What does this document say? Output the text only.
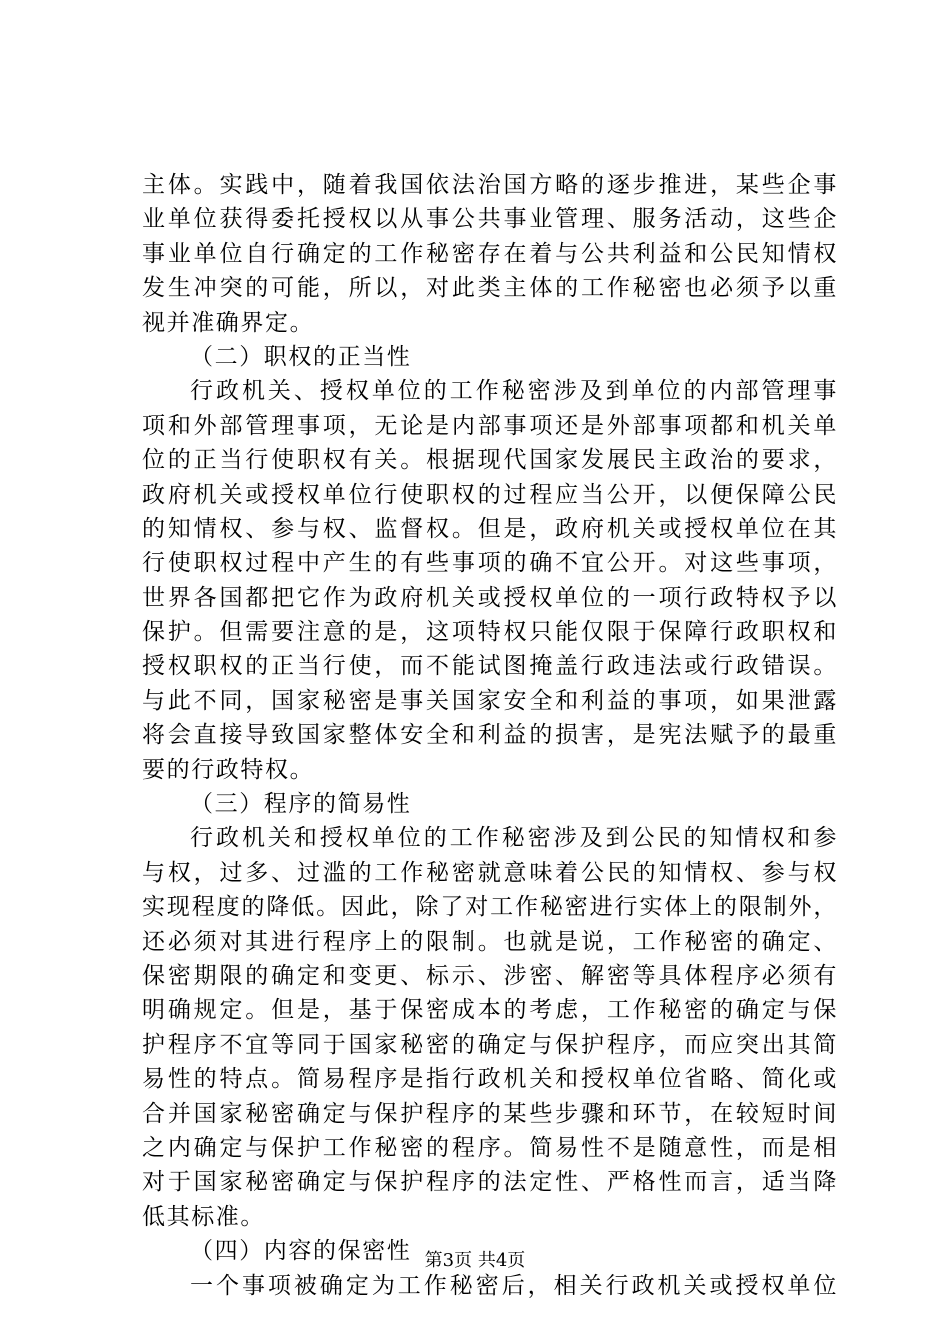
主体。实践中，随着我国依法治国方略的逐步推进，某些企事
业单位获得委托授权以从事公共事业管理、服务活动，这些企
事业单位自行确定的工作秘密存在着与公共利益和公民知情权
发生冲突的可能，所以，对此类主体的工作秘密也必须予以重
视并准确界定。
（二）职权的正当性
行政机关、授权单位的工作秘密涉及到单位的内部管理事
项和外部管理事项，无论是内部事项还是外部事项都和机关单
位的正当行使职权有关。根据现代国家发展民主政治的要求，
政府机关或授权单位行使职权的过程应当公开，以便保障公民
的知情权、参与权、监督权。但是，政府机关或授权单位在其
行使职权过程中产生的有些事项的确不宜公开。对这些事项，
世界各国都把它作为政府机关或授权单位的一项行政特权予以
保护。但需要注意的是，这项特权只能仅限于保障行政职权和
授权职权的正当行使，而不能试图掩盖行政违法或行政错误。
与此不同，国家秘密是事关国家安全和利益的事项，如果泄露
将会直接导致国家整体安全和利益的损害，是宪法赋予的最重
要的行政特权。
（三）程序的简易性
行政机关和授权单位的工作秘密涉及到公民的知情权和参
与权，过多、过滥的工作秘密就意味着公民的知情权、参与权
实现程度的降低。因此，除了对工作秘密进行实体上的限制外，
还必须对其进行程序上的限制。也就是说，工作秘密的确定、
保密期限的确定和变更、标示、涉密、解密等具体程序必须有
明确规定。但是，基于保密成本的考虑，工作秘密的确定与保
护程序不宜等同于国家秘密的确定与保护程序，而应突出其简
易性的特点。简易程序是指行政机关和授权单位省略、简化或
合并国家秘密确定与保护程序的某些步骤和环节，在较短时间
之内确定与保护工作秘密的程序。简易性不是随意性，而是相
对于国家秘密确定与保护程序的法定性、严格性而言，适当降
低其标准。
（四）内容的保密性
一个事项被确定为工作秘密后，相关行政机关或授权单位
第3页 共4页
